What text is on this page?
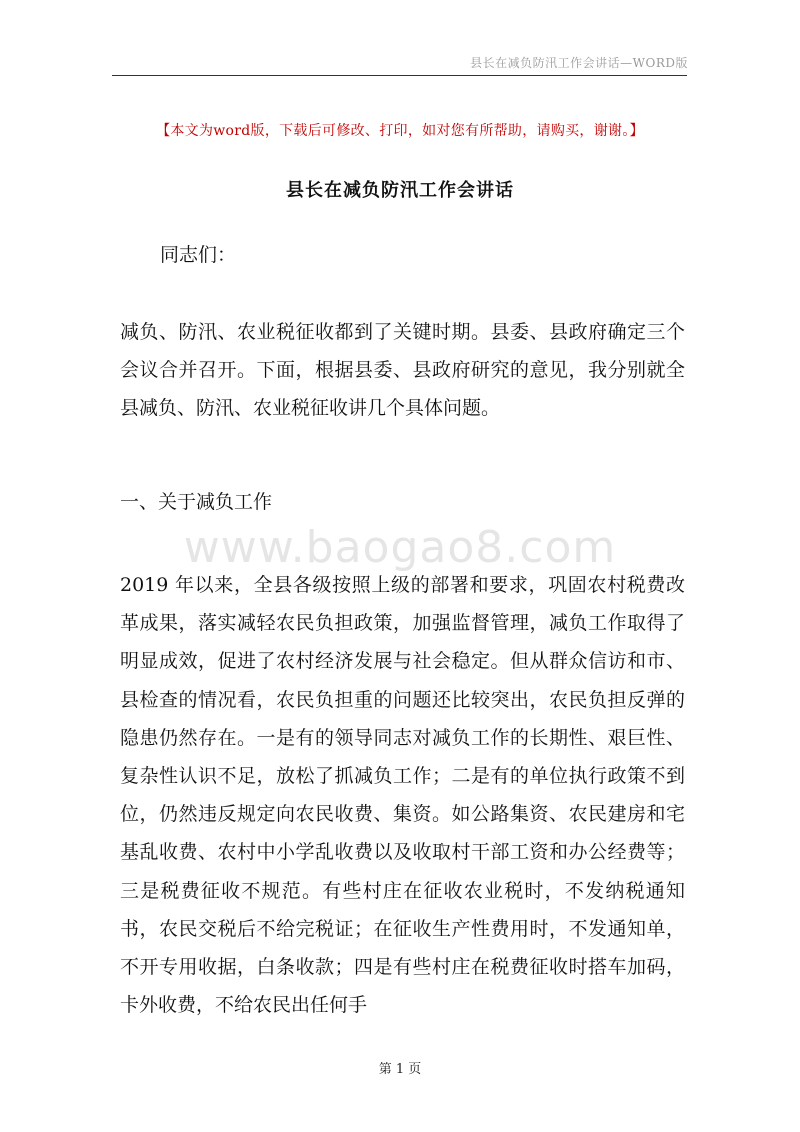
县长在减负防汛工作会讲话—WORD版
【本文为word版，下载后可修改、打印，如对您有所帮助，请购买，谢谢。】
县长在减负防汛工作会讲话
同志们：
减负、防汛、农业税征收都到了关键时期。县委、县政府确定三个会议合并召开。下面，根据县委、县政府研究的意见，我分别就全县减负、防汛、农业税征收讲几个具体问题。
一、关于减负工作
www.baogao8.com
2019 年以来，全县各级按照上级的部署和要求，巩固农村税费改革成果，落实减轻农民负担政策，加强监督管理，减负工作取得了明显成效，促进了农村经济发展与社会稳定。但从群众信访和市、县检查的情况看，农民负担重的问题还比较突出，农民负担反弹的隐患仍然存在。一是有的领导同志对减负工作的长期性、艰巨性、复杂性认识不足，放松了抓减负工作；二是有的单位执行政策不到位，仍然违反规定向农民收费、集资。如公路集资、农民建房和宅基乱收费、农村中小学乱收费以及收取村干部工资和办公经费等；三是税费征收不规范。有些村庄在征收农业税时，不发纳税通知书，农民交税后不给完税证；在征收生产性费用时，不发通知单，不开专用收据，白条收款；四是有些村庄在税费征收时搭车加码，卡外收费，不给农民出任何手
第 1 页
